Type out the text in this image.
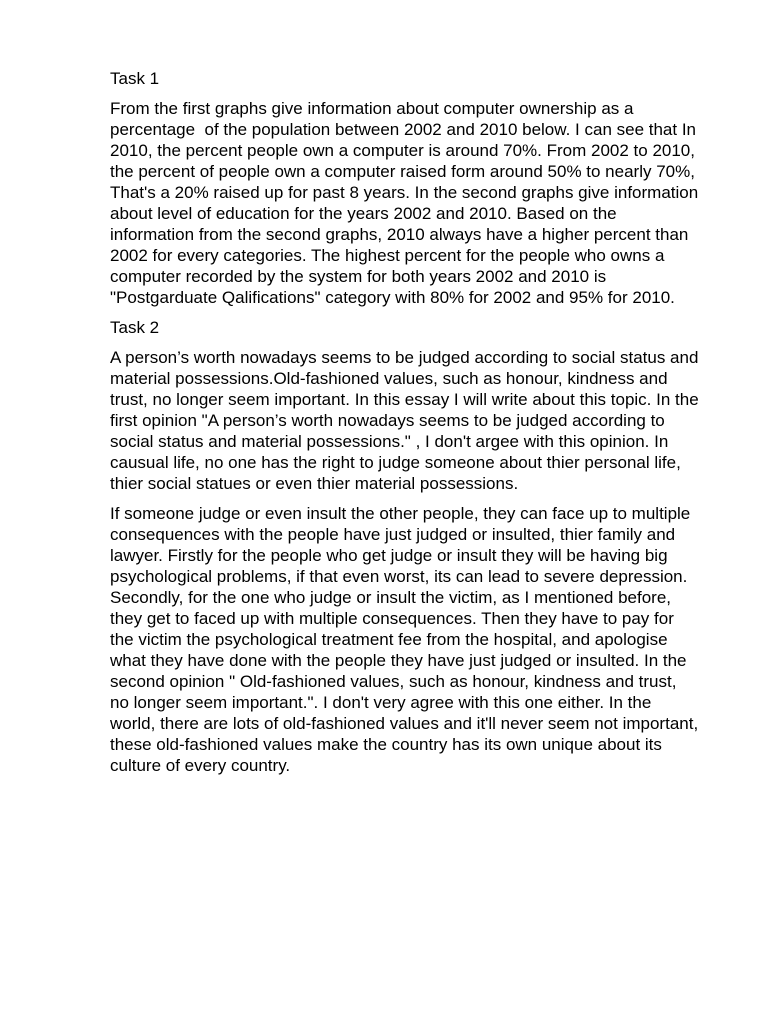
Task 1

From the first graphs give information about computer ownership as a percentage  of the population between 2002 and 2010 below. I can see that In 2010, the percent people own a computer is around 70%. From 2002 to 2010, the percent of people own a computer raised form around 50% to nearly 70%, That's a 20% raised up for past 8 years. In the second graphs give information about level of education for the years 2002 and 2010. Based on the information from the second graphs, 2010 always have a higher percent than 2002 for every categories. The highest percent for the people who owns a computer recorded by the system for both years 2002 and 2010 is "Postgarduate Qalifications" category with 80% for 2002 and 95% for 2010.

Task 2

A person’s worth nowadays seems to be judged according to social status and material possessions.Old-fashioned values, such as honour, kindness and trust, no longer seem important. In this essay I will write about this topic. In the first opinion "A person’s worth nowadays seems to be judged according to social status and material possessions." , I don't argee with this opinion. In causual life, no one has the right to judge someone about thier personal life, thier social statues or even thier material possessions.

If someone judge or even insult the other people, they can face up to multiple consequences with the people have just judged or insulted, thier family and lawyer. Firstly for the people who get judge or insult they will be having big psychological problems, if that even worst, its can lead to severe depression. Secondly, for the one who judge or insult the victim, as I mentioned before, they get to faced up with multiple consequences. Then they have to pay for the victim the psychological treatment fee from the hospital, and apologise what they have done with the people they have just judged or insulted. In the second opinion " Old-fashioned values, such as honour, kindness and trust, no longer seem important.". I don't very agree with this one either. In the world, there are lots of old-fashioned values and it'll never seem not important, these old-fashioned values make the country has its own unique about its culture of every country.
